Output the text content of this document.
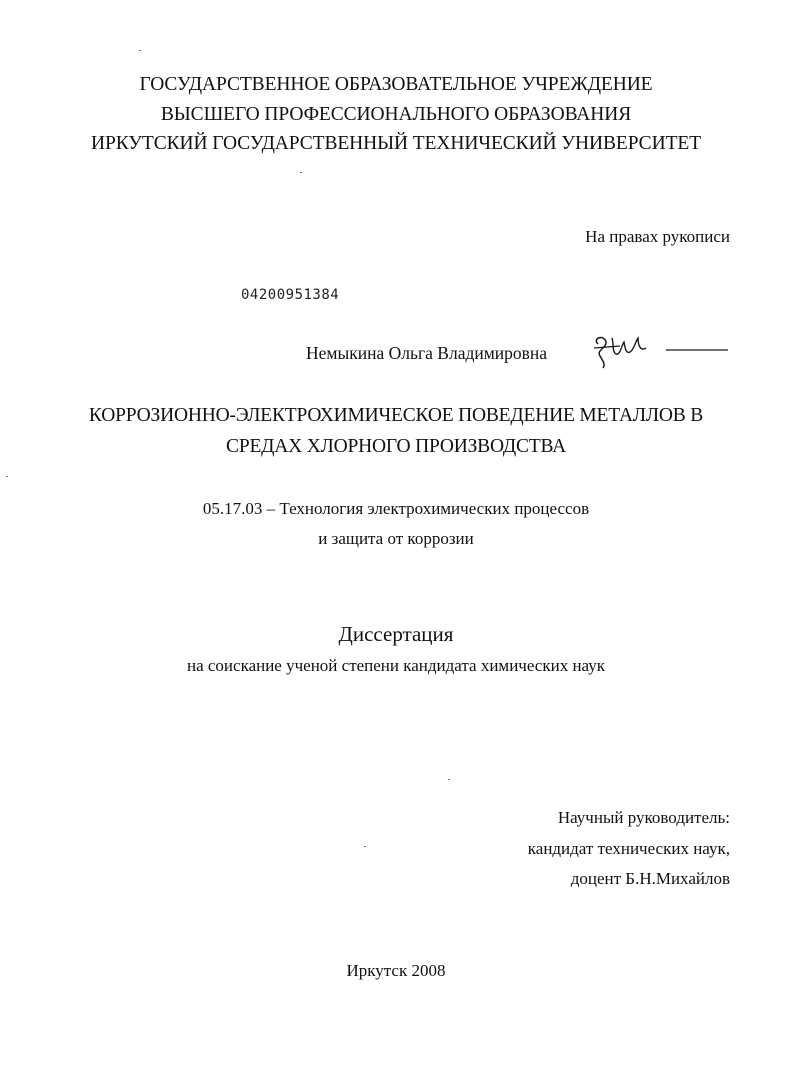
ГОСУДАРСТВЕННОЕ ОБРАЗОВАТЕЛЬНОЕ УЧРЕЖДЕНИЕ
ВЫСШЕГО ПРОФЕССИОНАЛЬНОГО ОБРАЗОВАНИЯ
ИРКУТСКИЙ ГОСУДАРСТВЕННЫЙ ТЕХНИЧЕСКИЙ УНИВЕРСИТЕТ
На правах рукописи
04200951384
Немыкина Ольга Владимировна
КОРРОЗИОННО-ЭЛЕКТРОХИМИЧЕСКОЕ ПОВЕДЕНИЕ МЕТАЛЛОВ В
СРЕДАХ ХЛОРНОГО ПРОИЗВОДСТВА
05.17.03 – Технология электрохимических процессов
и защита от коррозии
Диссертация
на соискание ученой степени кандидата химических наук
Научный руководитель:
кандидат технических наук,
доцент Б.Н.Михайлов
Иркутск 2008
